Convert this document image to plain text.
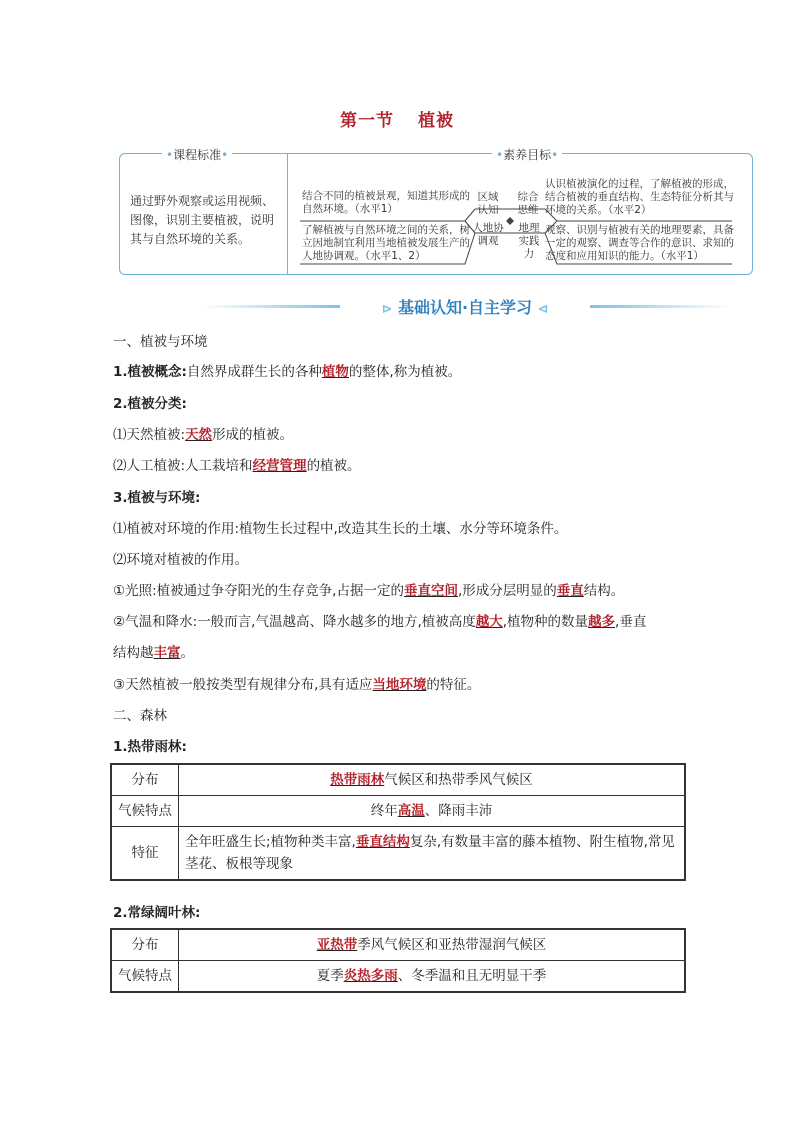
第一节 植被
•课程标准•	•素养目标•
通过野外观察或运用视频、图像，识别主要植被，说明其与自然环境的关系。
结合不同的植被景观，知道其形成的自然环境。（水平1）
了解植被与自然环境之间的关系，树立因地制宜利用当地植被发展生产的人地协调观。（水平1、2）
认识植被演化的过程，了解植被的形成，结合植被的垂直结构、生态特征分析其与环境的关系。（水平2）
观察、识别与植被有关的地理要素，具备一定的观察、调查等合作的意识、求知的态度和应用知识的能力。（水平1）
区域认知
综合思维
人地协调观
地理实践力
⊳ 基础认知·自主学习 ⊲
一、植被与环境
1.植被概念:自然界成群生长的各种植物的整体,称为植被。
2.植被分类:
⑴天然植被:天然形成的植被。
⑵人工植被:人工栽培和经营管理的植被。
3.植被与环境:
⑴植被对环境的作用:植物生长过程中,改造其生长的土壤、水分等环境条件。
⑵环境对植被的作用。
①光照:植被通过争夺阳光的生存竞争,占据一定的垂直空间,形成分层明显的垂直结构。
②气温和降水:一般而言,气温越高、降水越多的地方,植被高度越大,植物种的数量越多,垂直
结构越丰富。
③天然植被一般按类型有规律分布,具有适应当地环境的特征。
二、森林
1.热带雨林:
分布	热带雨林气候区和热带季风气候区
气候特点	终年高温、降雨丰沛
特征	全年旺盛生长;植物种类丰富,垂直结构复杂,有数量丰富的藤本植物、附生植物,常见茎花、板根等现象
2.常绿阔叶林:
分布	亚热带季风气候区和亚热带湿润气候区
气候特点	夏季炎热多雨、冬季温和且无明显干季
